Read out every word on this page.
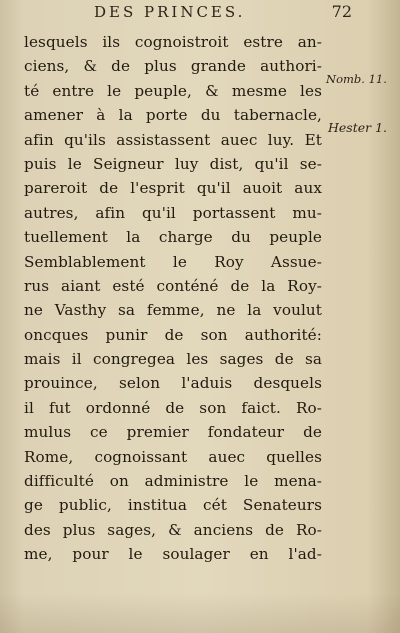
DES PRINCES.	72
Nomb. 11.
Hester 1.
lesquels ils cognoistroit estre an-
ciens, & de plus grande authori-
té entre le peuple, & mesme les
amener à la porte du tabernacle,
afin qu'ils assistassent auec luy. Et
puis le Seigneur luy dist, qu'il se-
pareroit de l'esprit qu'il auoit aux
autres, afin qu'il portassent mu-
tuellement la charge du peuple
Semblablement le Roy Assue-
rus aiant esté conténé de la Roy-
ne Vasthy sa femme, ne la voulut
oncques punir de son authorité:
mais il congregea les sages de sa
prouince, selon l'aduis desquels
il fut ordonné de son faict. Ro-
mulus ce premier fondateur de
Rome, cognoissant auec quelles
difficulté on administre le mena-
ge public, institua cét Senateurs
des plus sages, & anciens de Ro-
me, pour le soulager en l'ad-
